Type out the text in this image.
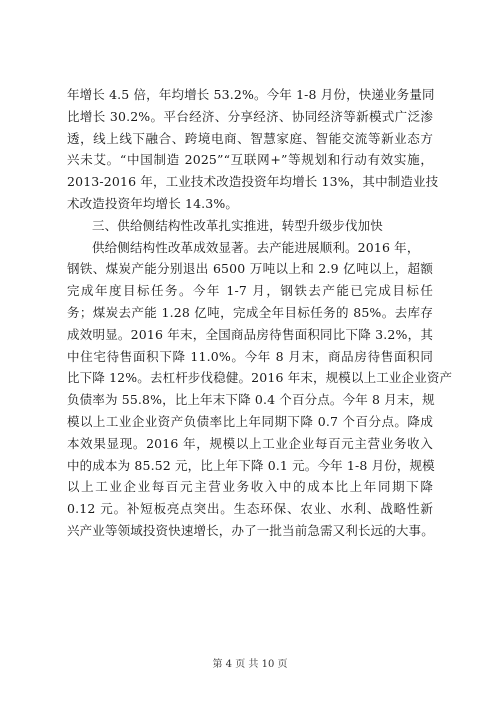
年增长 4.5 倍，年均增长 53.2%。今年 1-8 月份，快递业务量同
比增长 30.2%。平台经济、分享经济、协同经济等新模式广泛渗
透，线上线下融合、跨境电商、智慧家庭、智能交流等新业态方
兴未艾。“中国制造 2025”“互联网+”等规划和行动有效实施，
2013-2016 年，工业技术改造投资年均增长 13%，其中制造业技
术改造投资年均增长 14.3%。
三、供给侧结构性改革扎实推进，转型升级步伐加快
供给侧结构性改革成效显著。去产能进展顺利。2016 年，
钢铁、煤炭产能分别退出 6500 万吨以上和 2.9 亿吨以上，超额
完成年度目标任务。今年 1-7 月，钢铁去产能已完成目标任
务；煤炭去产能 1.28 亿吨，完成全年目标任务的 85%。去库存
成效明显。2016 年末，全国商品房待售面积同比下降 3.2%，其
中住宅待售面积下降 11.0%。今年 8 月末，商品房待售面积同
比下降 12%。去杠杆步伐稳健。2016 年末，规模以上工业企业资产
负债率为 55.8%，比上年末下降 0.4 个百分点。今年 8 月末，规
模以上工业企业资产负债率比上年同期下降 0.7 个百分点。降成
本效果显现。2016 年，规模以上工业企业每百元主营业务收入
中的成本为 85.52 元，比上年下降 0.1 元。今年 1-8 月份，规模
以上工业企业每百元主营业务收入中的成本比上年同期下降
0.12 元。补短板亮点突出。生态环保、农业、水利、战略性新
兴产业等领域投资快速增长，办了一批当前急需又利长远的大事。
第 4 页 共 10 页
